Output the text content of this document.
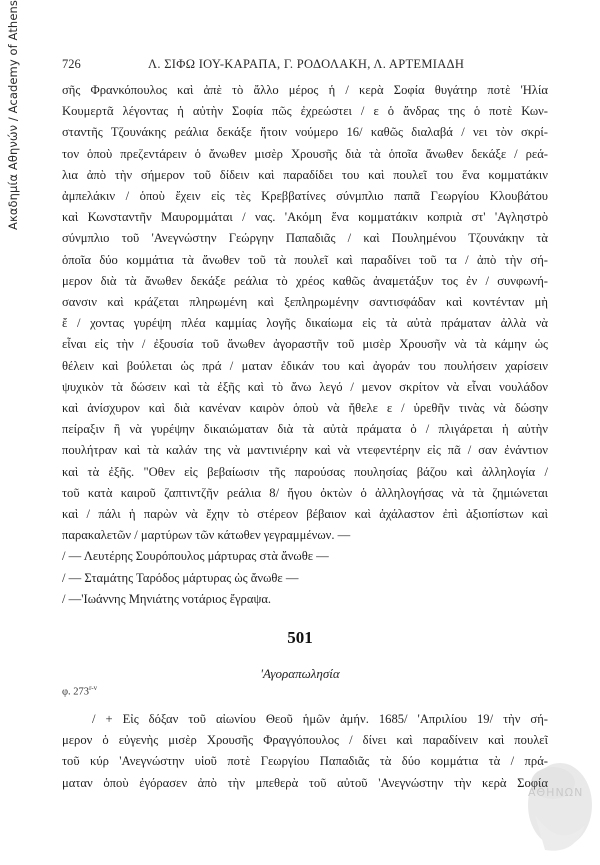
Ακαδημία Αθηνών / Academy of Athens	726	Λ. ΣΙΦΩ ΙΟΥ-ΚΑΡΑΠΑ, Γ. ΡΟΔΟΛΑΚΗ, Λ. ΑΡΤΕΜΙΑΔΗ
σῆς Φρανκόπουλος καὶ ἀπὲ τὸ ἄλλο μέρος ἡ / κερὰ Σοφία θυγάτηρ ποτὲ 'Ηλία
Κουμερτᾶ λέγοντας ἡ αὐτὴν Σοφία πῶς ἐχρεώστει / ε ὁ ἄνδρας της ὁ ποτὲ Κων-
σταντῆς Τζουνάκης ρεάλια δεκάξε ἤτοιν νούμερο 16/ καθῶς διαλαβά / νει τὸν σκρί-
τον ὁποὺ πρεζεντάρειν ὁ ἄνωθεν μισὲρ Χρουσῆς διὰ τὰ ὁποῖα ἄνωθεν δεκάξε / ρεά-
λια ἀπὸ τὴν σήμερον τοῦ δίδειν καὶ παραδίδει του καὶ πουλεῖ του ἕνα κομματάκιν
ἀμπελάκιν / ὁποὺ ἔχειν εἰς τὲς Κρεββατίνες σύνμπλιο παπᾶ Γεωργίου Κλουβάτου
καὶ Κωνσταντῆν Μαυρομμάται / νας. 'Ακόμη ἕνα κομματάκιν κοπριὰ στ' 'Αγληστρὸ
σύνμπλιο τοῦ 'Ανεγνώστην Γεώργην Παπαδιᾶς / καὶ Πουλημένου Τζουνάκην τὰ
ὁποῖα δύο κομμάτια τὰ ἄνωθεν τοῦ τὰ πουλεῖ καὶ παραδίνει τοῦ τα / ἀπὸ τὴν σή-
μερον διὰ τὰ ἄνωθεν δεκάξε ρεάλια τὸ χρέος καθῶς ἀναμετάξυν τος ἐν / συνφωνή-
σανσιν καὶ κράζεται πληρωμένη καὶ ξεπληρωμένην σαντισφάδαν καὶ κοντένταν μὴ
ἔ / χοντας γυρέψη πλέα καμμίας λογῆς δικαίωμα εἰς τὰ αὐτὰ πράματαν ἀλλὰ νὰ
εἶναι εἰς τὴν / ἐξουσία τοῦ ἄνωθεν ἀγοραστῆν τοῦ μισὲρ Χρουσῆν νὰ τὰ κάμην ὡς
θέλειν καὶ βούλεται ὡς πρά / ματαν ἐδικάν του καὶ ἀγοράν του πουλήσειν χαρίσειν
ψυχικὸν τὰ δώσειν καὶ τὰ ἐξῆς καὶ τὸ ἄνω λεγό / μενον σκρίτον νὰ εἶναι νουλάδον
καὶ ἀνίσχυρον καὶ διὰ κανέναν καιρὸν ὁποὺ νὰ ἤθελε ε / ὑρεθῆν τινὰς νὰ δώσην
πείραξιν ἢ νὰ γυρέψην δικαιώματαν διὰ τὰ αὐτὰ πράματα ὁ / πλιγάρεται ἡ αὐτὴν
πουλήτραν καὶ τὰ καλάν της νὰ μαντινιέρην καὶ νὰ ντεφεντέρην εἰς πᾶ / σαν ἐνάντιον
καὶ τὰ ἐξῆς. "Οθεν εἰς βεβαίωσιν τῆς παρούσας πουλησίας βάζου καὶ ἀλληλογία /
τοῦ κατὰ καιροῦ ζαπτιντζῆν ρεάλια 8/ ἤγου ὀκτὼν ὁ ἀλληλογήσας νὰ τὰ ζημιώνεται
καὶ / πάλι ἡ παρὼν νὰ ἔχην τὸ στέρεον βέβαιον καὶ ἀχάλαστον ἐπὶ ἀξιοπίστων καὶ
παρακαλετῶν / μαρτύρων τῶν κάτωθεν γεγραμμένων. —
/ — Λευτέρης Σουρόπουλος μάρτυρας στὰ ἄνωθε —
/ — Σταμάτης Ταρόδος μάρτυρας ὡς ἄνωθε —
/ —'Ιωάννης Μηνιάτης νοτάριος ἔγραψα.
501
'Αγοραπωλησία
φ. 273$^{r-v}$
/ + Εἰς δόξαν τοῦ αἰωνίου Θεοῦ ἡμῶν ἀμήν. 1685/ 'Απριλίου 19/ τὴν σή-
μερον ὁ εὐγενὴς μισὲρ Χρουσῆς Φραγγόπουλος / δίνει καὶ παραδίνειν καὶ πουλεῖ
τοῦ κύρ 'Ανεγνώστην υἱοῦ ποτὲ Γεωργίου Παπαδιᾶς τὰ δύο κομμάτια τὰ / πρά-
ματαν ὁποὺ ἐγόρασεν ἀπὸ τὴν μπεθερὰ τοῦ αὐτοῦ 'Ανεγνώστην τὴν κερὰ Σοφία
ΑΘΗΝΩΝ
